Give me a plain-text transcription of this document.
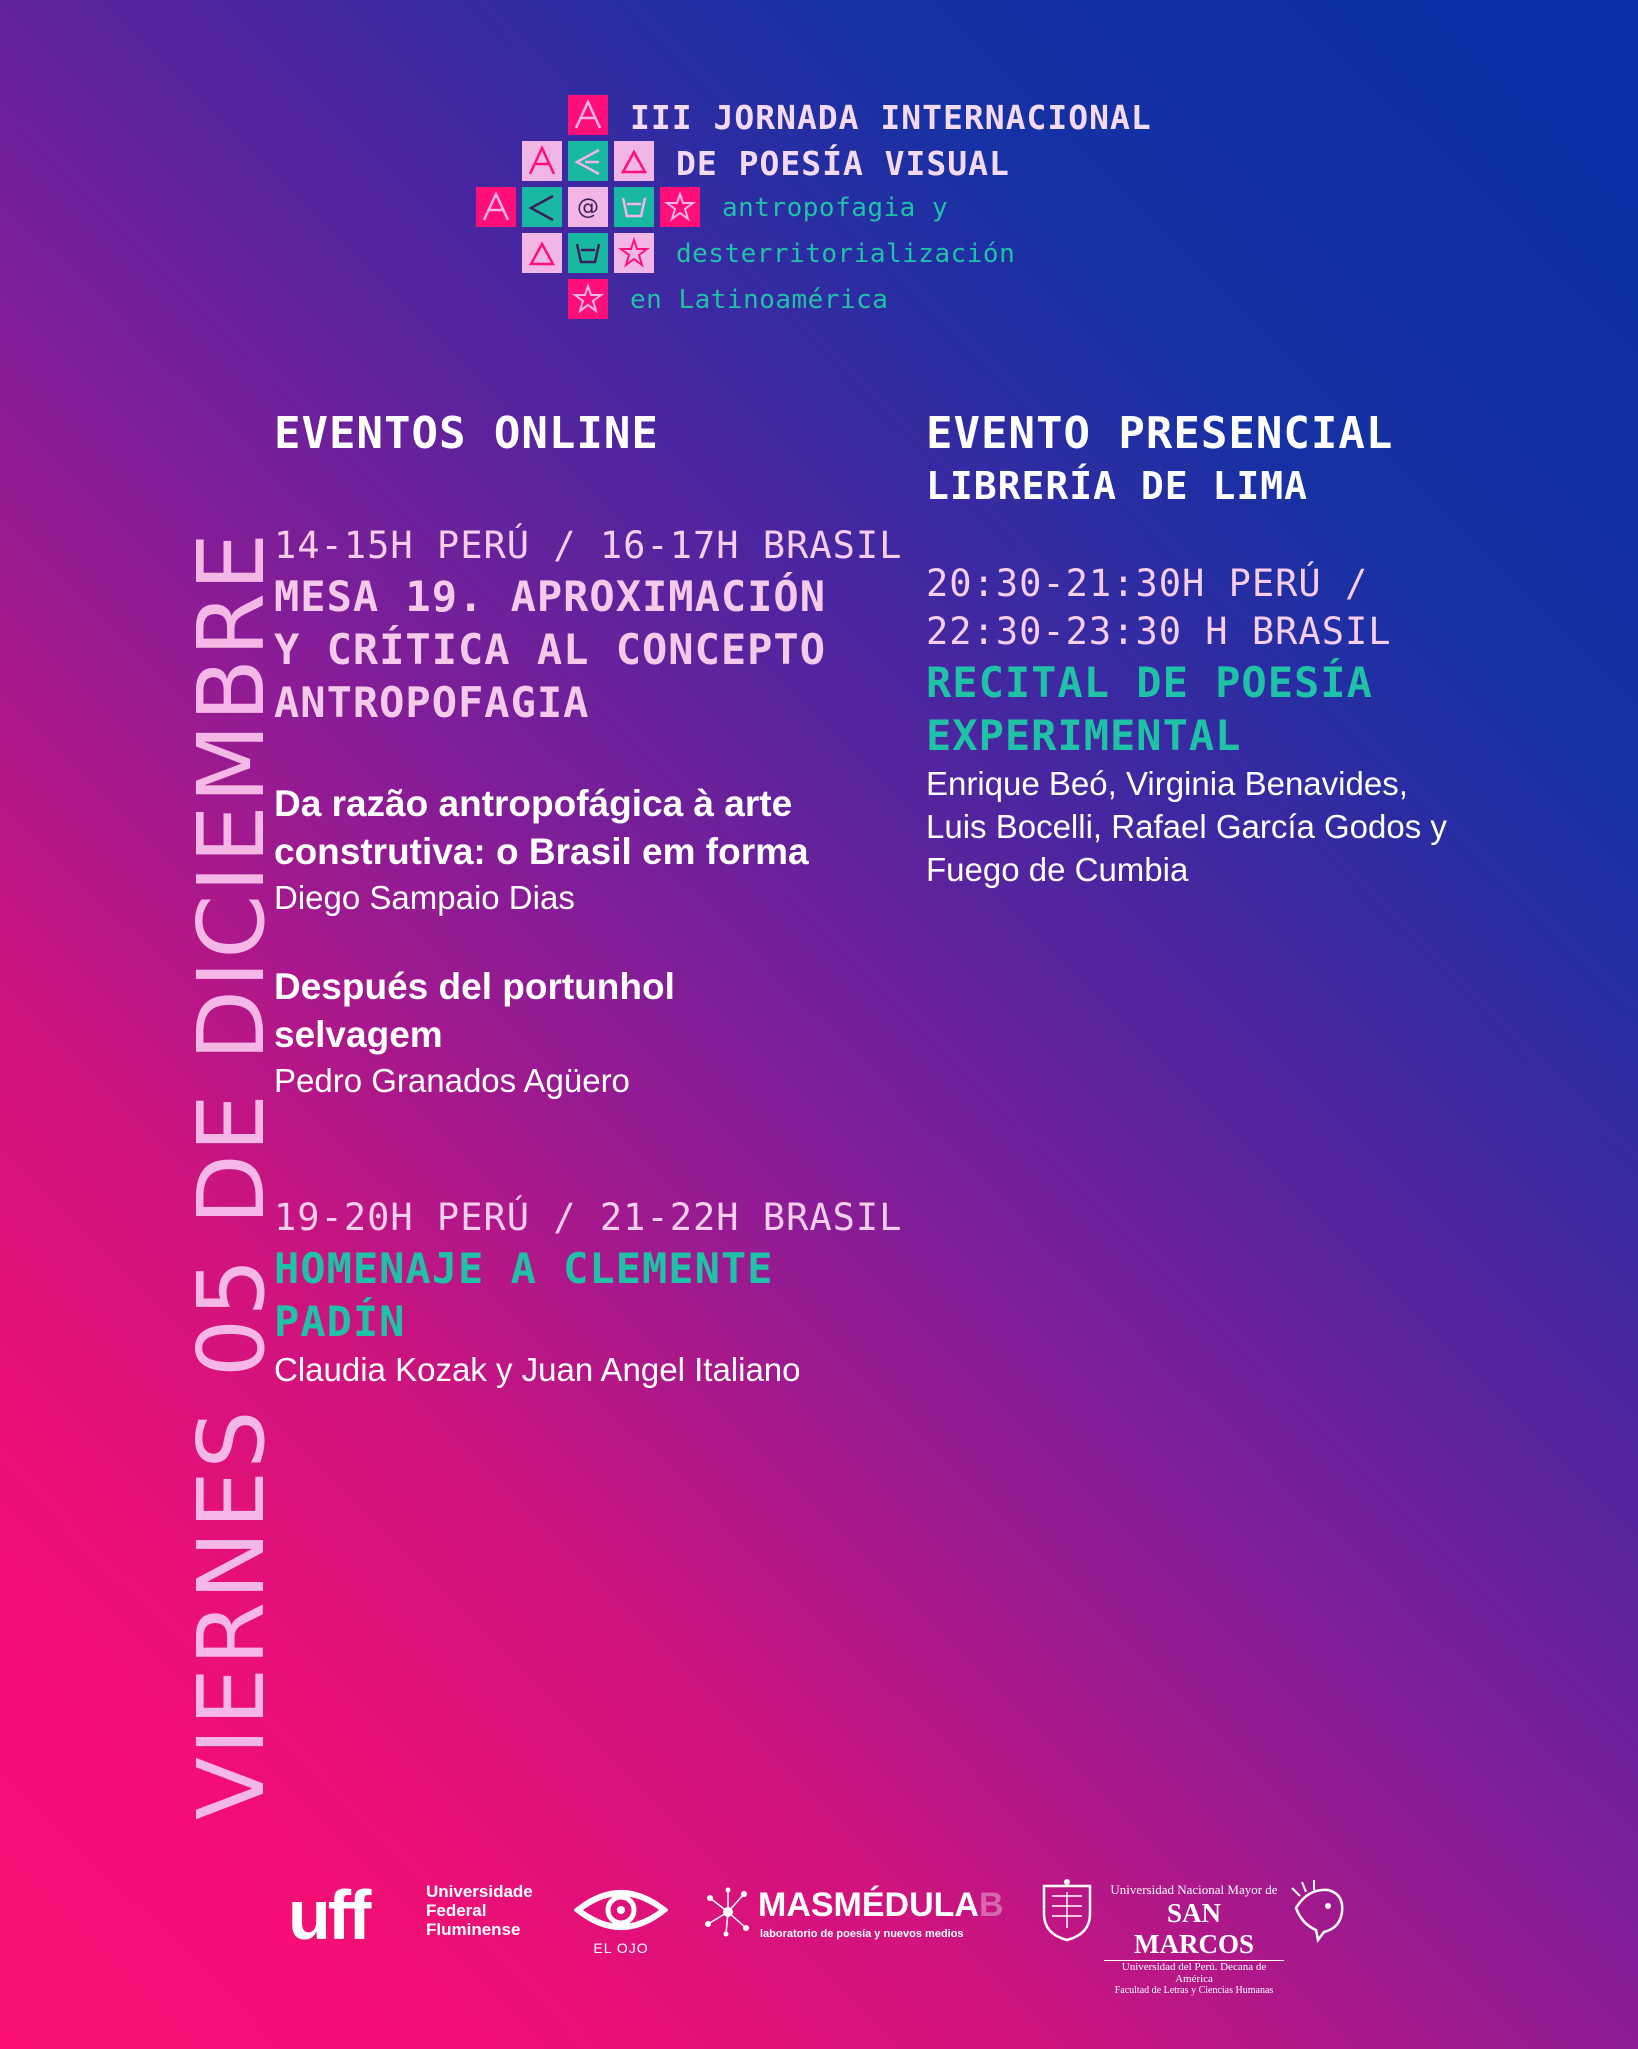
@
III JORNADA INTERNACIONAL
DE POESÍA VISUAL
antropofagia y
desterritorialización
en Latinoamérica
VIERNES 05 DE DICIEMBRE
EVENTOS ONLINE
14-15H PERÚ / 16-17H BRASIL
MESA 19. APROXIMACIÓN
Y CRÍTICA AL CONCEPTO
ANTROPOFAGIA
Da razão antropofágica à arte
construtiva: o Brasil em forma
Diego Sampaio Dias
Después del portunhol
selvagem
Pedro Granados Agüero
19-20H PERÚ / 21-22H BRASIL
HOMENAJE A CLEMENTE
PADÍN
Claudia Kozak y Juan Angel Italiano
EVENTO PRESENCIAL
LIBRERÍA DE LIMA
20:30-21:30H PERÚ /
22:30-23:30 H BRASIL
RECITAL DE POESÍA
EXPERIMENTAL
Enrique Beó, Virginia Benavides,
Luis Bocelli, Rafael García Godos y
Fuego de Cumbia
uff	Universidade
Federal
Fluminense
EL OJO
MASMÉDULAB
laboratorio de poesía y nuevos medios
Universidad Nacional Mayor de
SAN MARCOS
Universidad del Perú. Decana de América
Facultad de Letras y Ciencias Humanas
